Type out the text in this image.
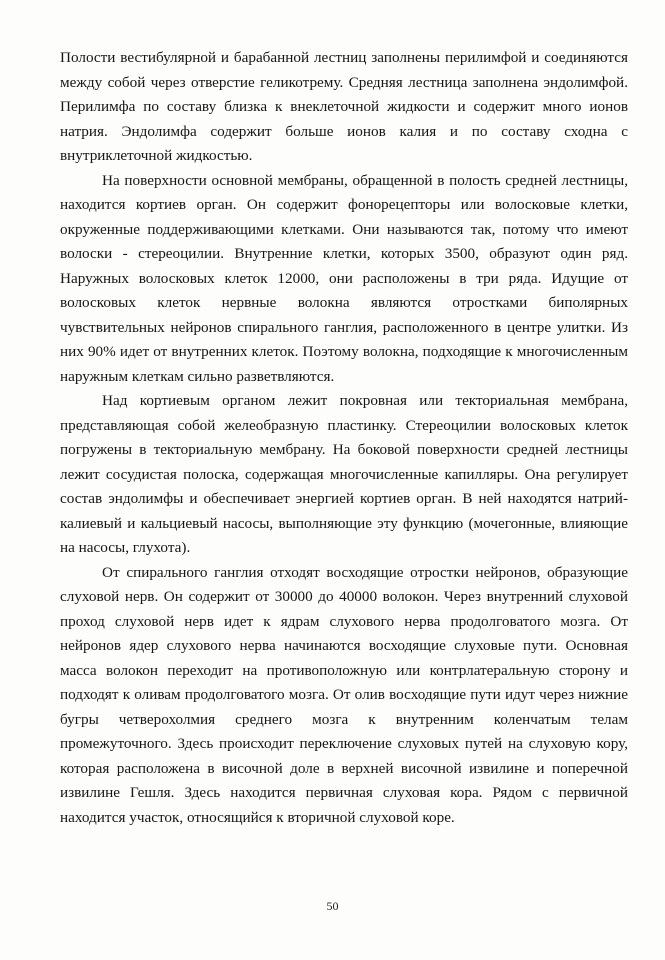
Полости вестибулярной и барабанной лестниц заполнены перилимфой и соединяются между собой через отверстие геликотрему. Средняя лестница заполнена эндолимфой. Перилимфа по составу близка к внеклеточной жидкости и содержит много ионов натрия. Эндолимфа содержит больше ионов калия и по составу сходна с внутриклеточной жидкостью.

На поверхности основной мембраны, обращенной в полость средней лестницы, находится кортиев орган. Он содержит фонорецепторы или волосковые клетки, окруженные поддерживающими клетками. Они называются так, потому что имеют волоски - стереоцилии. Внутренние клетки, которых 3500, образуют один ряд. Наружных волосковых клеток 12000, они расположены в три ряда. Идущие от волосковых клеток нервные волокна являются отростками биполярных чувствительных нейронов спирального ганглия, расположенного в центре улитки. Из них 90% идет от внутренних клеток. Поэтому волокна, подходящие к многочисленным наружным клеткам сильно разветвляются.

Над кортиевым органом лежит покровная или текториальная мембрана, представляющая собой желеобразную пластинку. Стереоцилии волосковых клеток погружены в текториальную мембрану. На боковой поверхности средней лестницы лежит сосудистая полоска, содержащая многочисленные капилляры. Она регулирует состав эндолимфы и обеспечивает энергией кортиев орган. В ней находятся натрий-калиевый и кальциевый насосы, выполняющие эту функцию (мочегонные, влияющие на насосы, глухота).

От спирального ганглия отходят восходящие отростки нейронов, образующие слуховой нерв. Он содержит от 30000 до 40000 волокон. Через внутренний слуховой проход слуховой нерв идет к ядрам слухового нерва продолговатого мозга. От нейронов ядер слухового нерва начинаются восходящие слуховые пути. Основная масса волокон переходит на противоположную или контрлатеральную сторону и подходят к оливам продолговатого мозга. От олив восходящие пути идут через нижние бугры четверохолмия среднего мозга к внутренним коленчатым телам промежуточного. Здесь происходит переключение слуховых путей на слуховую кору, которая расположена в височной доле в верхней височной извилине и поперечной извилине Гешля. Здесь находится первичная слуховая кора. Рядом с первичной находится участок, относящийся к вторичной слуховой коре.

50
